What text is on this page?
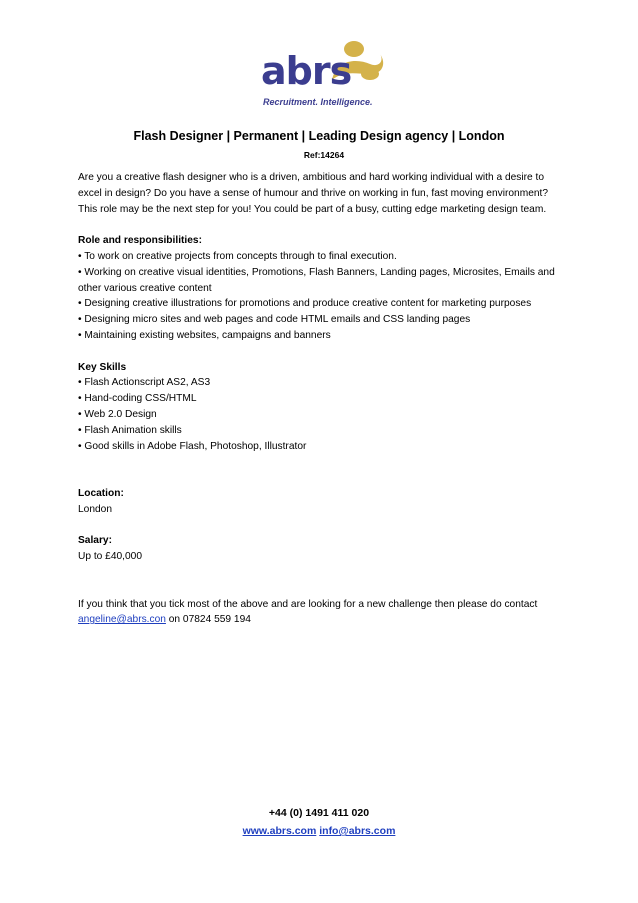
abrs
Recruitment. Intelligence.
Flash Designer | Permanent | Leading Design agency | London
Ref:14264

Are you a creative flash designer who is a driven, ambitious and hard working individual with a desire to excel in design? Do you have a sense of humour and thrive on working in fun, fast moving environment? This role may be the next step for you! You could be part of a busy, cutting edge marketing design team.

Role and responsibilities:

• To work on creative projects from concepts through to final execution.

• Working on creative visual identities, Promotions, Flash Banners, Landing pages, Microsites, Emails and other various creative content

• Designing creative illustrations for promotions and produce creative content for marketing purposes

• Designing micro sites and web pages and code HTML emails and CSS landing pages

• Maintaining existing websites, campaigns and banners

Key Skills

• Flash Actionscript AS2, AS3

• Hand-coding CSS/HTML

• Web 2.0 Design

• Flash Animation skills

• Good skills in Adobe Flash, Photoshop, Illustrator

Location:

London

Salary:

Up to £40,000

If you think that you tick most of the above and are looking for a new challenge then please do contact angeline@abrs.con on 07824 559 194

+44 (0) 1491 411 020
www.abrs.com info@abrs.com
